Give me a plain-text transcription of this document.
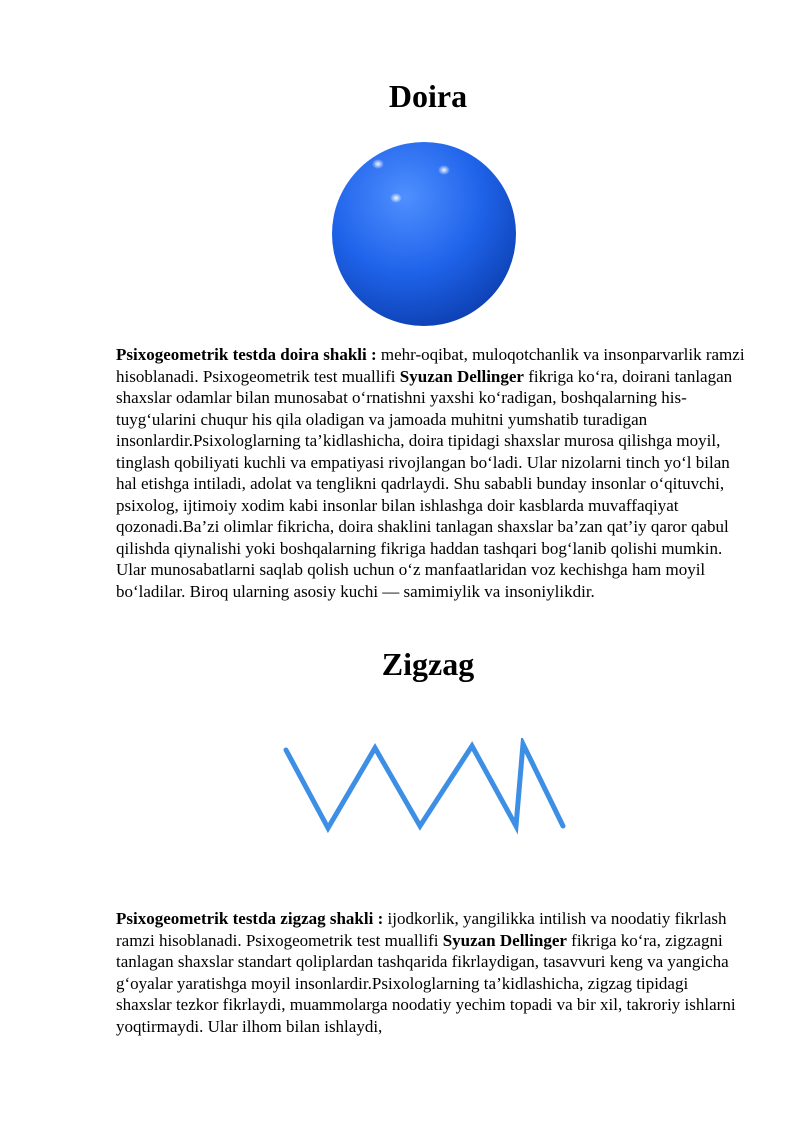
Doira

Psixogeometrik testda doira shakli : mehr-oqibat, muloqotchanlik va insonparvarlik ramzi hisoblanadi. Psixogeometrik test muallifi Syuzan Dellinger fikriga ko‘ra, doirani tanlagan shaxslar odamlar bilan munosabat o‘rnatishni yaxshi ko‘radigan, boshqalarning his-tuyg‘ularini chuqur his qila oladigan va jamoada muhitni yumshatib turadigan insonlardir.Psixologlarning ta’kidlashicha, doira tipidagi shaxslar murosa qilishga moyil, tinglash qobiliyati kuchli va empatiyasi rivojlangan bo‘ladi. Ular nizolarni tinch yo‘l bilan hal etishga intiladi, adolat va tenglikni qadrlaydi. Shu sababli bunday insonlar o‘qituvchi, psixolog, ijtimoiy xodim kabi insonlar bilan ishlashga doir kasblarda muvaffaqiyat qozonadi.Ba’zi olimlar fikricha, doira shaklini tanlagan shaxslar ba’zan qat’iy qaror qabul qilishda qiynalishi yoki boshqalarning fikriga haddan tashqari bog‘lanib qolishi mumkin. Ular munosabatlarni saqlab qolish uchun o‘z manfaatlaridan voz kechishga ham moyil bo‘ladilar. Biroq ularning asosiy kuchi — samimiylik va insoniylikdir.

Zigzag

Psixogeometrik testda zigzag shakli : ijodkorlik, yangilikka intilish va noodatiy fikrlash ramzi hisoblanadi. Psixogeometrik test muallifi Syuzan Dellinger fikriga ko‘ra, zigzagni tanlagan shaxslar standart qoliplardan tashqarida fikrlaydigan, tasavvuri keng va yangicha g‘oyalar yaratishga moyil insonlardir.Psixologlarning ta’kidlashicha, zigzag tipidagi shaxslar tezkor fikrlaydi, muammolarga noodatiy yechim topadi va bir xil, takroriy ishlarni yoqtirmaydi. Ular ilhom bilan ishlaydi,
